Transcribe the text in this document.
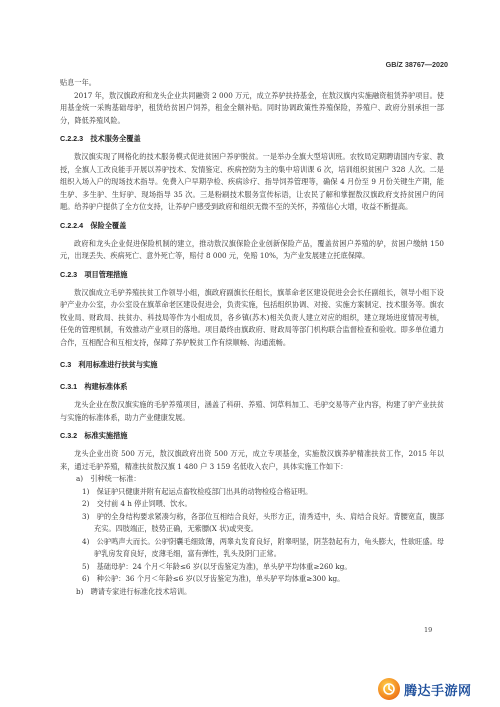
GB/Z 38767—2020

贴息一年。

2017 年，敖汉旗政府和龙头企业共同融资 2 000 万元，成立养驴扶持基金，在敖汉旗内实施融资租赁养驴项目。使用基金统一采购基础母驴，租赁给贫困户饲养，租金全额补贴。同时协调政策性养殖保险，养殖户、政府分别承担一部分，降低养殖风险。

C.2.2.3　技术服务全覆盖

敖汉旗实现了网格化的技术服务模式促进贫困户养驴脱贫。一是举办全旗大型培训班。农牧局定期聘请国内专家、教授，全旗人工改良能手开展以养驴技术、发情鉴定、疾病控防为主的集中培训课 6 次，培训组织贫困户 328 人次。二是组织入场入户的现场技术指导。免费入户早期孕检、疾病诊疗、指导饲养管理等，确保 4 月份至 9 月份关键生产期，能生驴、多生驴、生好驴、现场指导 35 次。三是粉刷技术服务宣传标语，让农民了解和掌握敖汉旗政府支持贫困户的问题。给养驴户提供了全方位支持，让养驴户感受到政府和组织无微不至的关怀，养殖信心大增，收益不断提高。

C.2.2.4　保险全覆盖

政府和龙头企业促进保险机制的建立，推动敖汉旗保险企业创新保险产品，覆盖贫困户养殖的驴，贫困户缴纳 150 元，出现丢失、疾病死亡、意外死亡等，赔付 8 000 元，免赔 10%，为产业发展建立托底保障。

C.2.3　项目管理措施

敖汉旗成立毛驴养殖扶贫工作领导小组，旗政府副旗长任组长，旗革命老区建设促进会会长任副组长，领导小组下设驴产业办公室，办公室设在旗革命老区建设促进会，负责实施，包括组织协调、对接、实施方案制定、技术服务等。旗农牧业局、财政局、扶贫办、科技局等作为小组成员，各乡镇(苏木)相关负责人建立对应的组织，建立现场进度情况考核，任免的管理机制，有效推动产业项目的落地。项目最终由旗政府、财政局等部门机构联合监督检查和验收。即多单位通力合作，互相配合和互相支持，保障了养驴脱贫工作有续顺畅、沟通流畅。

C.3　利用标准进行扶贫与实施

C.3.1　构建标准体系

龙头企业在敖汉旗实施的毛驴养殖项目，涵盖了科研、养殖、饲草料加工、毛驴交易等产业内容，构建了驴产业扶贫与实施的标准体系，助力产业健康发展。

C.3.2　标准实施措施

龙头企业出资 500 万元，敖汉旗政府出资 500 万元，成立专项基金，实施敖汉旗养驴精准扶贫工作，2015 年以来，通过毛驴养殖，精准扶贫敖汉旗 1 480 户 3 159 名低收入农户，具体实施工作如下：

a)　 引种统一标准：

1)　保证驴只健康并附有起运点畜牧检疫部门出具的动物检疫合格证明。

2)　交付前 4 h 停止饲喂、饮水。

3)　驴的全身结构要求紧凑匀称，各部位互相结合良好，头形方正，清秀适中，头、肩结合良好。背腰宽直，腹部充实。四肢端正，肢势正确，无紫膘(X 状)或突变。

4)　公驴鸣声大而长。公驴阴囊毛细致薄，两睾丸发育良好，附睾明显，阴茎勃起有力，龟头膨大，性欲旺盛。母驴乳房发育良好，皮薄毛细，富有弹性，乳头及阴门正常。

5)　基础母驴：24 个月＜年龄≤6 岁(以牙齿鉴定为准)，单头驴平均体重≥260 kg。

6)　种公驴：36 个月＜年龄≤6 岁(以牙齿鉴定为准)，单头驴平均体重≥300 kg。

b)　 聘请专家进行标准化技术培训。

19
腾达手游网
